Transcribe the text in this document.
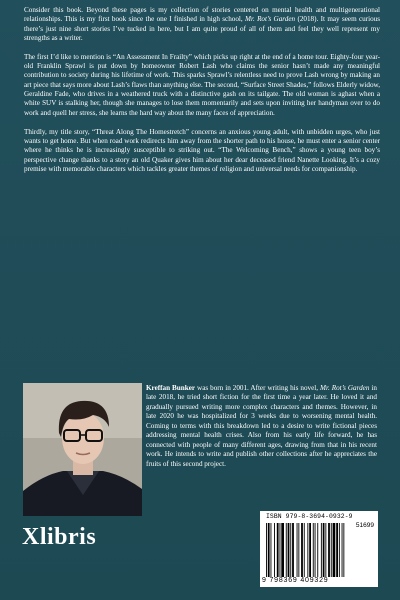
Consider this book. Beyond these pages is my collection of stories centered on mental health and multigenerational relationships. This is my first book since the one I finished in high school, Mr. Rot’s Garden (2018). It may seem curious there’s just nine short stories I’ve tucked in here, but I am quite proud of all of them and feel they well represent my strengths as a writer.

The first I’d like to mention is “An Assessment In Frailty” which picks up right at the end of a home tour. Eighty-four year-old Franklin Sprawl is put down by homeowner Robert Lash who claims the senior hasn’t made any meaningful contribution to society during his lifetime of work. This sparks Sprawl’s relentless need to prove Lash wrong by making an art piece that says more about Lash’s flaws than anything else. The second, “Surface Street Shades,” follows Elderly widow, Geraldine Fade, who drives in a weathered truck with a distinctive gash on its tailgate. The old woman is aghast when a white SUV is stalking her, though she manages to lose them momentarily and sets upon inviting her handyman over to do work and quell her stress, she learns the hard way about the many faces of appreciation.

Thirdly, my title story, “Threat Along The Homestretch” concerns an anxious young adult, with unbidden urges, who just wants to get home. But when road work redirects him away from the shorter path to his house, he must enter a senior center where he thinks he is increasingly susceptible to striking out. “The Welcoming Bench,” shows a young teen boy’s perspective change thanks to a story an old Quaker gives him about her dear deceased friend Nanette Looking. It’s a cozy premise with memorable characters which tackles greater themes of religion and universal needs for companionship.

Kreffan Bunker was born in 2001. After writing his novel, Mr. Rot’s Garden in late 2018, he tried short fiction for the first time a year later. He loved it and gradually pursued writing more complex characters and themes. However, in late 2020 he was hospitalized for 3 weeks due to worsening mental health. Coming to terms with this breakdown led to a desire to write fictional pieces addressing mental health crises. Also from his early life forward, he has connected with people of many different ages, drawing from that in his recent work. He intends to write and publish other collections after he appreciates the fruits of this second project.
Xlibris
ISBN 979-8-3694-0932-9
51699
9 798369 409329
